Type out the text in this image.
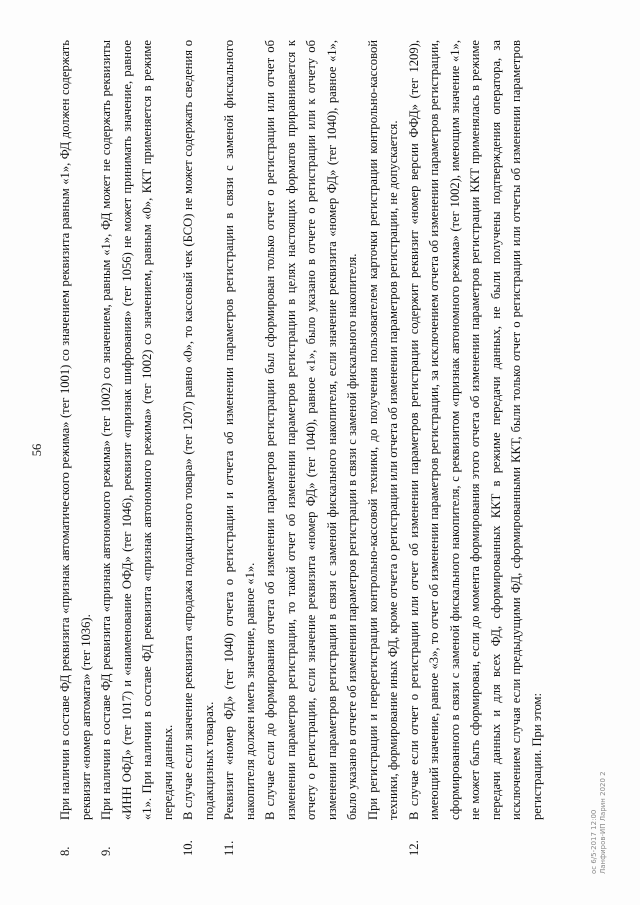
56
8.

При наличии в составе ФД реквизита «признак автоматического режима» (тег 1001) со значением реквизита равным «1», ФД должен содержать реквизит «номер автомата» (тег 1036).

9.

При наличии в составе ФД реквизита «признак автономного режима» (тег 1002) со значением, равным «1», ФД может не содержать реквизиты «ИНН ОФД» (тег 1017) и «наименование ОФД» (тег 1046), реквизит «признак шифрования» (тег 1056) не может принимать значение, равное «1». При наличии в составе ФД реквизита «признак автономного режима» (тег 1002) со значением, равным «0», ККТ применяется в режиме передачи данных.

10.

В случае если значение реквизита «продажа подакцизного товара» (тег 1207) равно «0», то кассовый чек (БСО) не может содержать сведения о подакцизных товарах.

11.

Реквизит «номер ФД» (тег 1040) отчета о регистрации и отчета об изменении параметров регистрации в связи с заменой фискального накопителя должен иметь значение, равное «1». В случае если до формирования отчета об изменении параметров регистрации был сформирован только отчет о регистрации или отчет об изменении параметров регистрации, то такой отчет об изменении параметров регистрации в целях настоящих форматов приравнивается к отчету о регистрации, если значение реквизита «номер ФД» (тег 1040), равное «1», было указано в отчете о регистрации или к отчету об изменении параметров регистрации в связи с заменой фискального накопителя, если значение реквизита «номер ФД» (тег 1040), равное «1», было указано в отчете об изменении параметров регистрации в связи с заменой фискального накопителя. При регистрации и перерегистрации контрольно-кассовой техники, до получения пользователем карточки регистрации контрольно-кассовой техники, формирование иных ФД, кроме отчета о регистрации или отчета об изменении параметров регистрации, не допускается.

12.

В случае если отчет о регистрации или отчет об изменении параметров регистрации содержит реквизит «номер версии ФФД» (тег 1209), имеющий значение, равное «3», то отчет об изменении параметров регистрации, за исключением отчета об изменении параметров регистрации, сформированного в связи с заменой фискального накопителя, с реквизитом «признак автономного режима» (тег 1002), имеющим значение «1», не может быть сформирован, если до момента формирования этого отчета об изменении параметров регистрации ККТ применялась в режиме передачи данных и для всех ФД, сформированных ККТ в режиме передачи данных, не были получены подтверждения оператора, за исключением случая если предыдущими ФД, сформированными ККТ, были только отчет о регистрации или отчеты об изменении параметров регистрации. При этом:

ос 6/5-2017 12:00 Ланфиров-ИП Ларин 2020 2
